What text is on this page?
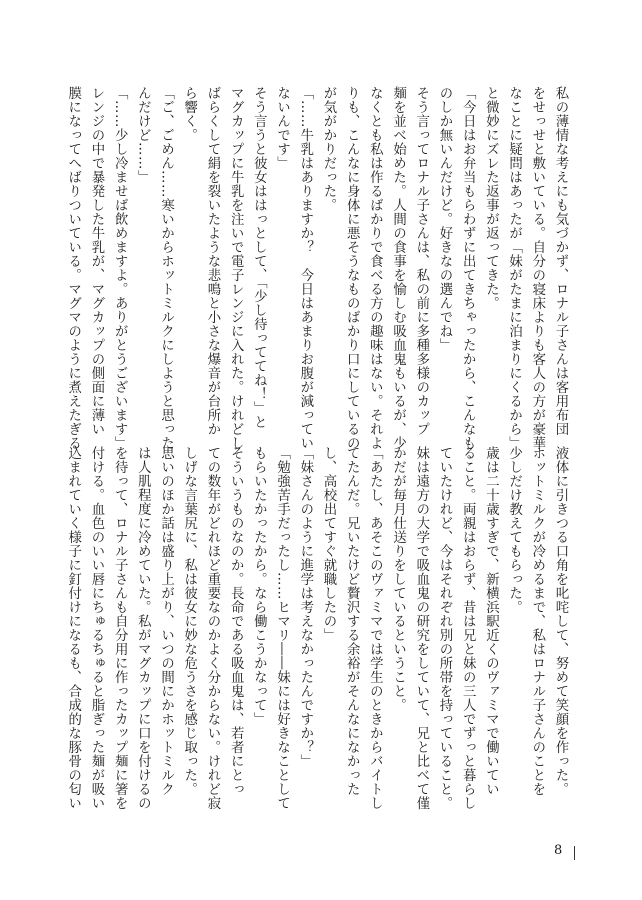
私の薄情な考えにも気づかず、ロナル子さんは客用布団

をせっせと敷いている。自分の寝床よりも客人の方が豪華

なことに疑問はあったが「妹がたまに泊まりにくるから」

と微妙にズレた返事が返ってきた。

「今日はお弁当もらわずに出てきちゃったから、こんなも

のしか無いんだけど。好きなの選んでね」

そう言ってロナル子さんは、私の前に多種多様のカップ

麺を並べ始めた。人間の食事を愉しむ吸血鬼もいるが、少

なくとも私は作るばかりで食べる方の趣味はない。それよ

りも、こんなに身体に悪そうなものばかり口にしているの

が気がかりだった。

「……牛乳はありますか？　今日はあまりお腹が減ってい

ないんです」

そう言うと彼女ははっとして、「少し待っててね！」と

マグカップに牛乳を注いで電子レンジに入れた。けれどし

ばらくして絹を裂いたような悲鳴と小さな爆音が台所か

ら響く。

「ご、ごめん……寒いからホットミルクにしようと思った

んだけど……」

「……少し冷ませば飲めますよ。ありがとうございます」

レンジの中で暴発した牛乳が、マグカップの側面に薄い

膜になってへばりついている。マグマのように煮えたぎる

液体に引きつる口角を叱咤して、努めて笑顔を作った。

ホットミルクが冷めるまで、私はロナル子さんのことを

少しだけ教えてもらった。

歳は二十歳すぎで、新横浜駅近くのヴァミマで働いてい

ること。両親はおらず、昔は兄と妹の三人でずっと暮らし

ていたけれど、今はそれぞれ別の所帯を持っていること。

妹は遠方の大学で吸血鬼の研究をしていて、兄と比べて僅

かだが毎月仕送りをしているということ。

「あたし、あそこのヴァミマでは学生のときからバイトし

てたんだ。兄いたけど贅沢する余裕がそんなになかった

し、高校出てすぐ就職したの」

「妹さんのように進学は考えなかったんですか？」

「勉強苦手だったし……ヒマリ――妹には好きなことして

もらいたかったから。なら働こうかなって」

そういうものなのか。長命である吸血鬼は、若者にとっ

ての数年がどれほど重要なのかよく分からない。けれど寂

しげな言葉尻に、私は彼女に妙な危うさを感じ取った。

思いのほか話は盛り上がり、いつの間にかホットミルク

は人肌程度に冷めていた。私がマグカップに口を付けるの

を待って、ロナル子さんも自分用に作ったカップ麺に箸を

付ける。血色のいい唇にちゅるちゅると脂ぎった麺が吸い

込まれていく様子に釘付けになるも、合成的な豚骨の匂い

8
